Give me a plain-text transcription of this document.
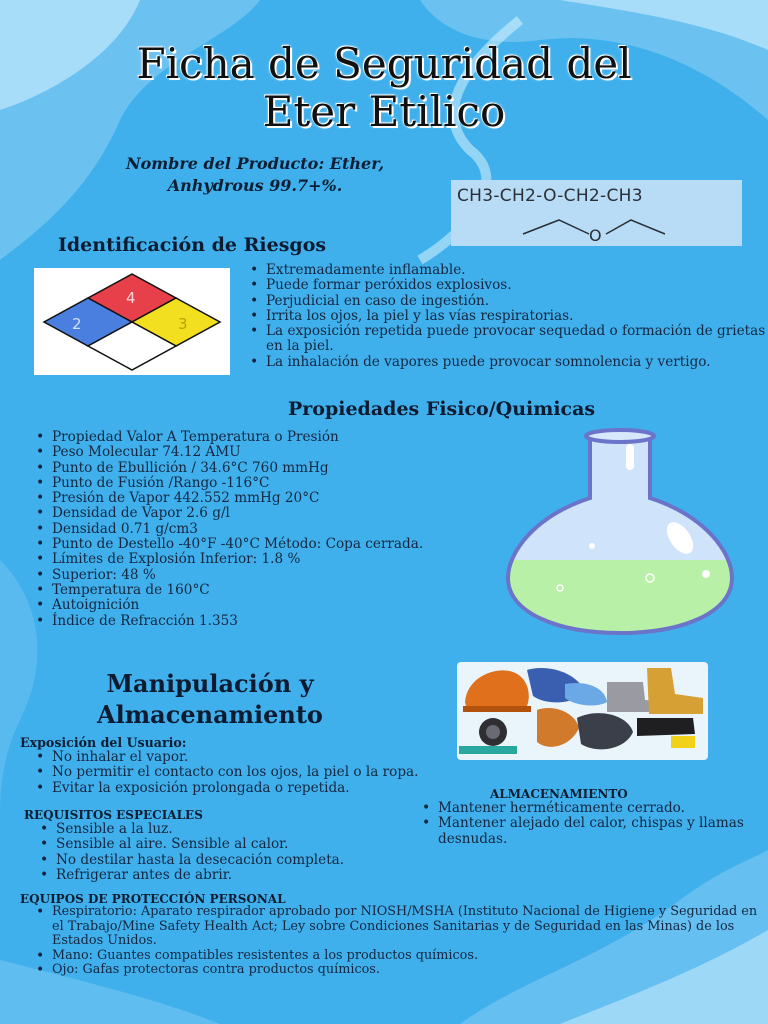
Ficha de Seguridad del
Eter Etilico
Nombre del Producto: Ether,
Anhydrous 99.7+%.
CH3-CH2-O-CH2-CH3
O
Identificación de Riesgos
2
4
3
• Extremadamente inflamable.
• Puede formar peróxidos explosivos.
• Perjudicial en caso de ingestión.
• Irrita los ojos, la piel y las vías respiratorias.
• La exposición repetida puede provocar sequedad o formación de grietas en la piel.
• La inhalación de vapores puede provocar somnolencia y vertigo.
Propiedades Fisico/Quimicas
• Propiedad Valor A Temperatura o Presión
• Peso Molecular 74.12 AMU
• Punto de Ebullición / 34.6°C 760 mmHg
• Punto de Fusión /Rango -116°C
• Presión de Vapor 442.552 mmHg 20°C
• Densidad de Vapor 2.6 g/l
• Densidad 0.71 g/cm3
• Punto de Destello -40°F -40°C Método: Copa cerrada.
• Límites de Explosión Inferior: 1.8 %
• Superior: 48 %
• Temperatura de 160°C
• Autoignición
• Índice de Refracción 1.353
Manipulación y
Almacenamiento
Exposición del Usuario:
• No inhalar el vapor.
• No permitir el contacto con los ojos, la piel o la ropa.
• Evitar la exposición prolongada o repetida.	ALMACENAMIENTO
• Mantener herméticamente cerrado.
• Mantener alejado del calor, chispas y llamas desnudas.
REQUISITOS ESPECIALES
• Sensible a la luz.
• Sensible al aire. Sensible al calor.
• No destilar hasta la desecación completa.
• Refrigerar antes de abrir.
EQUIPOS DE PROTECCIÓN PERSONAL
• Respiratorio: Aparato respirador aprobado por NIOSH/MSHA (Instituto Nacional de Higiene y Seguridad en el Trabajo/Mine Safety Health Act; Ley sobre Condiciones Sanitarias y de Seguridad en las Minas) de los Estados Unidos.
• Mano: Guantes compatibles resistentes a los productos químicos.
• Ojo: Gafas protectoras contra productos químicos.
